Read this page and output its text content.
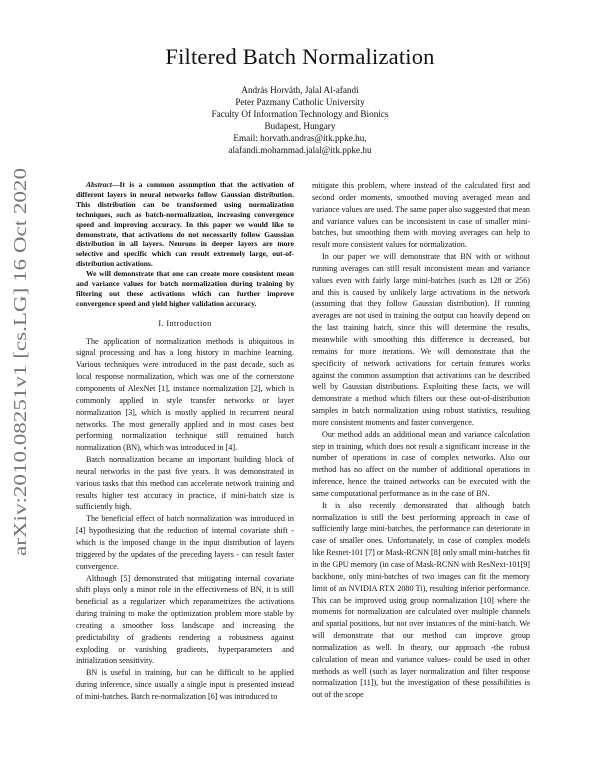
arXiv:2010.08251v1 [cs.LG] 16 Oct 2020
Filtered Batch Normalization
András Horváth, Jalal Al-afandi
Peter Pazmany Catholic University
Faculty Of Information Technology and Bionics
Budapest, Hungary
Email: horvath.andras@itk.ppke.hu,
alafandi.mohammad.jalal@itk.ppke.hu

Abstract—It is a common assumption that the activation of different layers in neural networks follow Gaussian distribution. This distribution can be transformed using normalization techniques, such as batch-normalization, increasing convergence speed and improving accuracy. In this paper we would like to demonstrate, that activations do not necessarily follow Gaussian distribution in all layers. Neurons in deeper layers are more selective and specific which can result extremely large, out-of-distribution activations.

We will demonstrate that one can create more consistent mean and variance values for batch normalization during training by filtering out these activations which can further improve convergence speed and yield higher validation accuracy.

I. Introduction

The application of normalization methods is ubiquitous in signal processing and has a long history in machine learning. Various techniques were introduced in the past decade, such as local response normalization, which was one of the cornerstone components of AlexNet [1], instance normalization [2], which is commonly applied in style transfer networks or layer normalization [3], which is mostly applied in recurrent neural networks. The most generally applied and in most cases best performing normalization technique still remained batch normalization (BN), which was introduced in [4].

Batch normalization became an important building block of neural networks in the past five years. It was demonstrated in various tasks that this method can accelerate network training and results higher test accuracy in practice, if mini-batch size is sufficiently high.

The beneficial effect of batch normalization was introduced in [4] hypothesizing that the reduction of internal covariate shift -which is the imposed change in the input distribution of layers triggered by the updates of the preceding layers - can result faster convergence.

Although [5] demonstrated that mitigating internal covariate shift plays only a minor role in the effectiveness of BN, it is still beneficial as a regularizer which reparametrizes the activations during training to make the optimization problem more stable by creating a smoother loss landscape and increasing the predictability of gradients rendering a robustness against exploding or vanishing gradients, hyperparameters and initialization sensitivity.

BN is useful in training, but can be difficult to be applied during inference, since usually a single input is presented instead of mini-batches. Batch re-normalization [6] was introduced to

mitigate this problem, where instead of the calculated first and second order moments, smoothed moving averaged mean and variance values are used. The same paper also suggested that mean and variance values can be inconsistent in case of smaller mini-batches, but smoothing them with moving averages can help to result more consistent values for normalization.

In our paper we will demonstrate that BN with or without running averages can still result inconsistent mean and variance values even with fairly large mini-batches (such as 128 or 256) and this is caused by unlikely large activations in the network (assuming that they follow Gaussian distribution). If running averages are not used in training the output can heavily depend on the last training batch, since this will determine the results, meanwhile with smoothing this difference is decreased, but remains for more iterations. We will demonstrate that the specificity of network activations for certain features works against the common assumption that activations can be described well by Gaussian distributions. Exploiting these facts, we will demonstrate a method which filters out these out-of-distribution samples in batch normalization using robust statistics, resulting more consistent moments and faster convergence.

Our method adds an additional mean and variance calculation step in training, which does not result a significant increase in the number of operations in case of complex networks. Also our method has no affect on the number of additional operations in inference, hence the trained networks can be executed with the same computational performance as in the case of BN.

It is also recently demonstrated that although batch normalization is still the best performing approach in case of sufficiently large mini-batches, the performance can deteriorate in case of smaller ones. Unfortunately, in case of complex models like Resnet-101 [7] or Mask-RCNN [8] only small mini-batches fit in the GPU memory (in case of Mask-RCNN with ResNext-101[9] backbone, only mini-batches of two images can fit the memory limit of an NVIDIA RTX 2080 Ti), resulting inferior performance. This can be improved using group normalization [10] where the moments for normalization are calculated over multiple channels and spatial positions, but not over instances of the mini-batch. We will demonstrate that our method can improve group normalization as well. In theory, our approach -the robust calculation of mean and variance values- could be used in other methods as well (such as layer normalization and filter response normalization [11]), but the investigation of these possibilities is out of the scope
